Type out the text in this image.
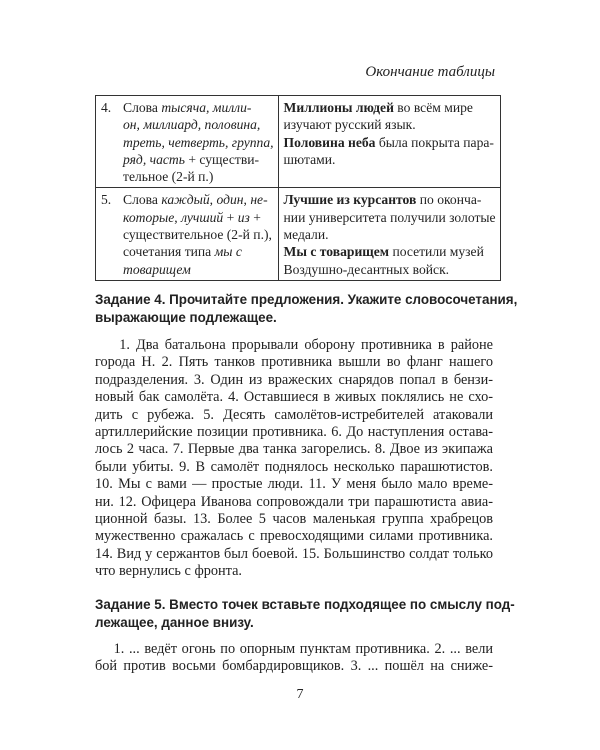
Окончание таблицы
4. Слова тысяча, милли-
он, миллиард, половина,
треть, четверть, группа,
ряд, часть + существи-
тельное (2-й п.)	Миллионы людей во всём мире
изучают русский язык.
Половина неба была покрыта пара-
шютами.

5. Слова каждый, один, не-
которые, лучший + из +
существительное (2-й п.),
сочетания типа мы с
товарищем	Лучшие из курсантов по оконча-
нии университета получили золотые
медали.
Мы с товарищем посетили музей
Воздушно-десантных войск.
Задание 4. Прочитайте предложения. Укажите словосочетания,
выражающие подлежащее.
1. Два батальона прорывали оборону противника в районе
города Н. 2. Пять танков противника вышли во фланг нашего
подразделения. 3. Один из вражеских снарядов попал в бензи-
новый бак самолёта. 4. Оставшиеся в живых поклялись не схо-
дить с рубежа. 5. Десять самолётов-истребителей атаковали
артиллерийские позиции противника. 6. До наступления остава-
лось 2 часа. 7. Первые два танка загорелись. 8. Двое из экипажа
были убиты. 9. В самолёт поднялось несколько парашютистов.
10. Мы с вами — простые люди. 11. У меня было мало време-
ни. 12. Офицера Иванова сопровождали три парашютиста авиа-
ционной базы. 13. Более 5 часов маленькая группа храбрецов
мужественно сражалась с превосходящими силами противника.
14. Вид у сержантов был боевой. 15. Большинство солдат только
что вернулись с фронта.
Задание 5. Вместо точек вставьте подходящее по смыслу под-
лежащее, данное внизу.
1. ... ведёт огонь по опорным пунктам противника. 2. ... вели
бой против восьми бомбардировщиков. 3. ... пошёл на сниже-
7
